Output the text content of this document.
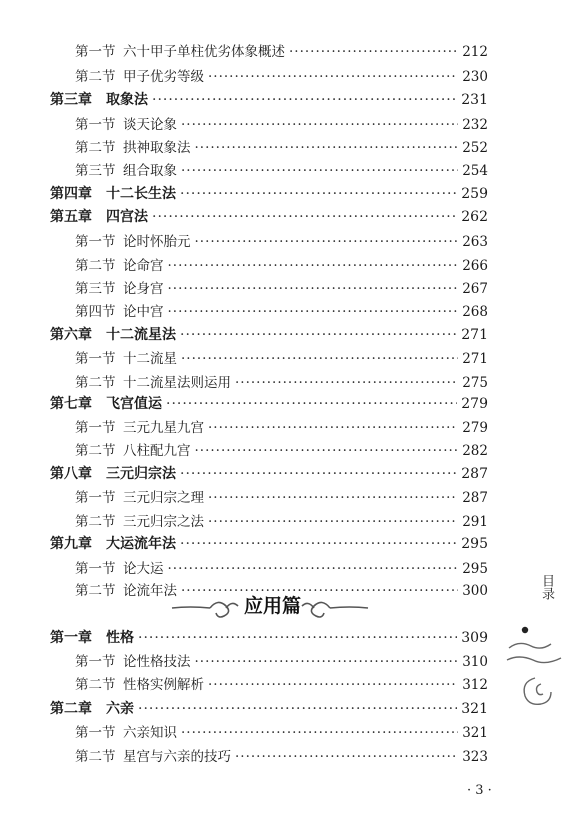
第一节 六十甲子单柱优劣体象概述 ·····	212
第二节 甲子优劣等级 ·····	230
第三章	取象法 ·····	231
第一节 谈天论象 ·····	232
第二节 拱神取象法 ·····	252
第三节 组合取象 ·····	254
第四章	十二长生法 ·····	259
第五章	四宫法 ·····	262
第一节 论时怀胎元 ·····	263
第二节 论命宫 ·····	266
第三节 论身宫 ·····	267
第四节 论中宫 ·····	268
第六章	十二流星法 ·····	271
第一节 十二流星 ·····	271
第二节 十二流星法则运用 ·····	275
第七章	飞宫值运 ·····	279
第一节 三元九星九宫 ·····	279
第二节 八柱配九宫 ·····	282
第八章	三元归宗法 ·····	287
第一节 三元归宗之理 ·····	287
第二节 三元归宗之法 ·····	291
第九章	大运流年法 ·····	295
第一节 论大运 ·····	295
第二节 论流年法 ·····	300
应用篇
第一章	性格 ·····	309
第一节 论性格技法 ·····	310
第二节 性格实例解析 ·····	312
第二章	六亲 ·····	321
第一节 六亲知识 ·····	321
第二节 星宫与六亲的技巧 ·····	323
目录
· 3 ·
